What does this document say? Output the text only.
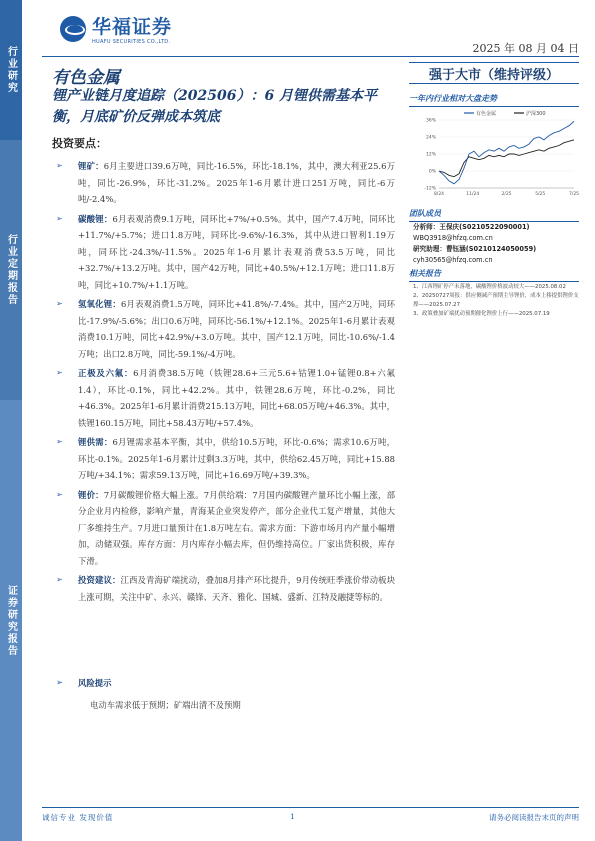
行业研究
行业定期报告
证券研究报告
华福证券
HUAFU SECURITIES CO.,LTD.	2025 年 08 月 04 日
有色金属
锂产业链月度追踪（202506）：6 月锂供需基本平衡，月底矿价反弹成本筑底
投资要点：
➢ 锂矿：6月主要进口39.6万吨，同比-16.5%，环比-18.1%，其中，澳大利亚25.6万吨，同比-26.9%，环比-31.2%。2025年1-6月累计进口251万吨，同比-6万吨/-2.4%。
➢ 碳酸锂：6月表观消费9.1万吨，同环比+7%/+0.5%。其中，国产7.4万吨，同环比+11.7%/+5.7%；进口1.8万吨，同环比-9.6%/-16.3%，其中从进口智利1.19万吨，同环比-24.3%/-11.5%。2025年1-6月累计表观消费53.5万吨，同比+32.7%/+13.2万吨。其中，国产42万吨，同比+40.5%/+12.1万吨；进口11.8万吨，同比+10.7%/+1.1万吨。
➢ 氢氧化锂：6月表观消费1.5万吨，同环比+41.8%/-7.4%。其中，国产2万吨，同环比-17.9%/-5.6%；出口0.6万吨，同环比-56.1%/+12.1%。2025年1-6月累计表观消费10.1万吨，同比+42.9%/+3.0万吨。其中，国产12.1万吨，同比-10.6%/-1.4万吨；出口2.8万吨，同比-59.1%/-4万吨。
➢ 正极及六氟：6月消费38.5万吨（铁锂28.6+三元5.6+钴锂1.0+锰锂0.8+六氟1.4），环比-0.1%，同比+42.2%。其中，铁锂28.6万吨，环比-0.2%，同比+46.3%。2025年1-6月累计消费215.13万吨，同比+68.05万吨/+46.3%。其中，铁锂160.15万吨，同比+58.43万吨/+57.4%。
➢ 锂供需：6月锂需求基本平衡，其中，供给10.5万吨，环比-0.6%；需求10.6万吨，环比-0.1%。2025年1-6月累计过剩3.3万吨，其中，供给62.45万吨，同比+15.88万吨/+34.1%；需求59.13万吨，同比+16.69万吨/+39.3%。
➢ 锂价：7月碳酸锂价格大幅上涨。7月供给端：7月国内碳酸锂产量环比小幅上涨，部分企业月内检修，影响产量，青海某企业突发停产，部分企业代工复产增量，其他大厂多维持生产。7月进口量预计在1.8万吨左右。需求方面：下游市场月内产量小幅增加，动储双强。库存方面：月内库存小幅去库，但仍维持高位。厂家出货积极，库存下滑。
➢ 投资建议：江西及青海矿端扰动，叠加8月排产环比提升，9月传统旺季涨价带动板块上涨可期，关注中矿、永兴、赣锋、天齐、雅化、国城、盛新、江特及融捷等标的。
➢ 风险提示
电动车需求低于预期；矿端出清不及预期
强于大市（维持评级）
一年内行业相对大盘走势
有色金属	沪深300
36%
24%
12%
0%
-12%
8/24	11/24	2/25	5/25	7/25
团队成员
分析师：王保庆(S0210522090001)
WBQ3918@hfzq.com.cn
研究助理：曹钰涵(S0210124050059)
cyh30565@hfzq.com.cn
相关报告
1、江西锂矿停产未落地，碳酸锂价格波动较大——2025.08.02
2、20250727周报：供应侧减产预期主导锂价，成本上移提供锂价支撑——2025.07.27
3、政策叠加矿端扰动预期催化锂价上行——2025.07.19
诚信专业 发现价值	1	请务必阅读报告末页的声明
